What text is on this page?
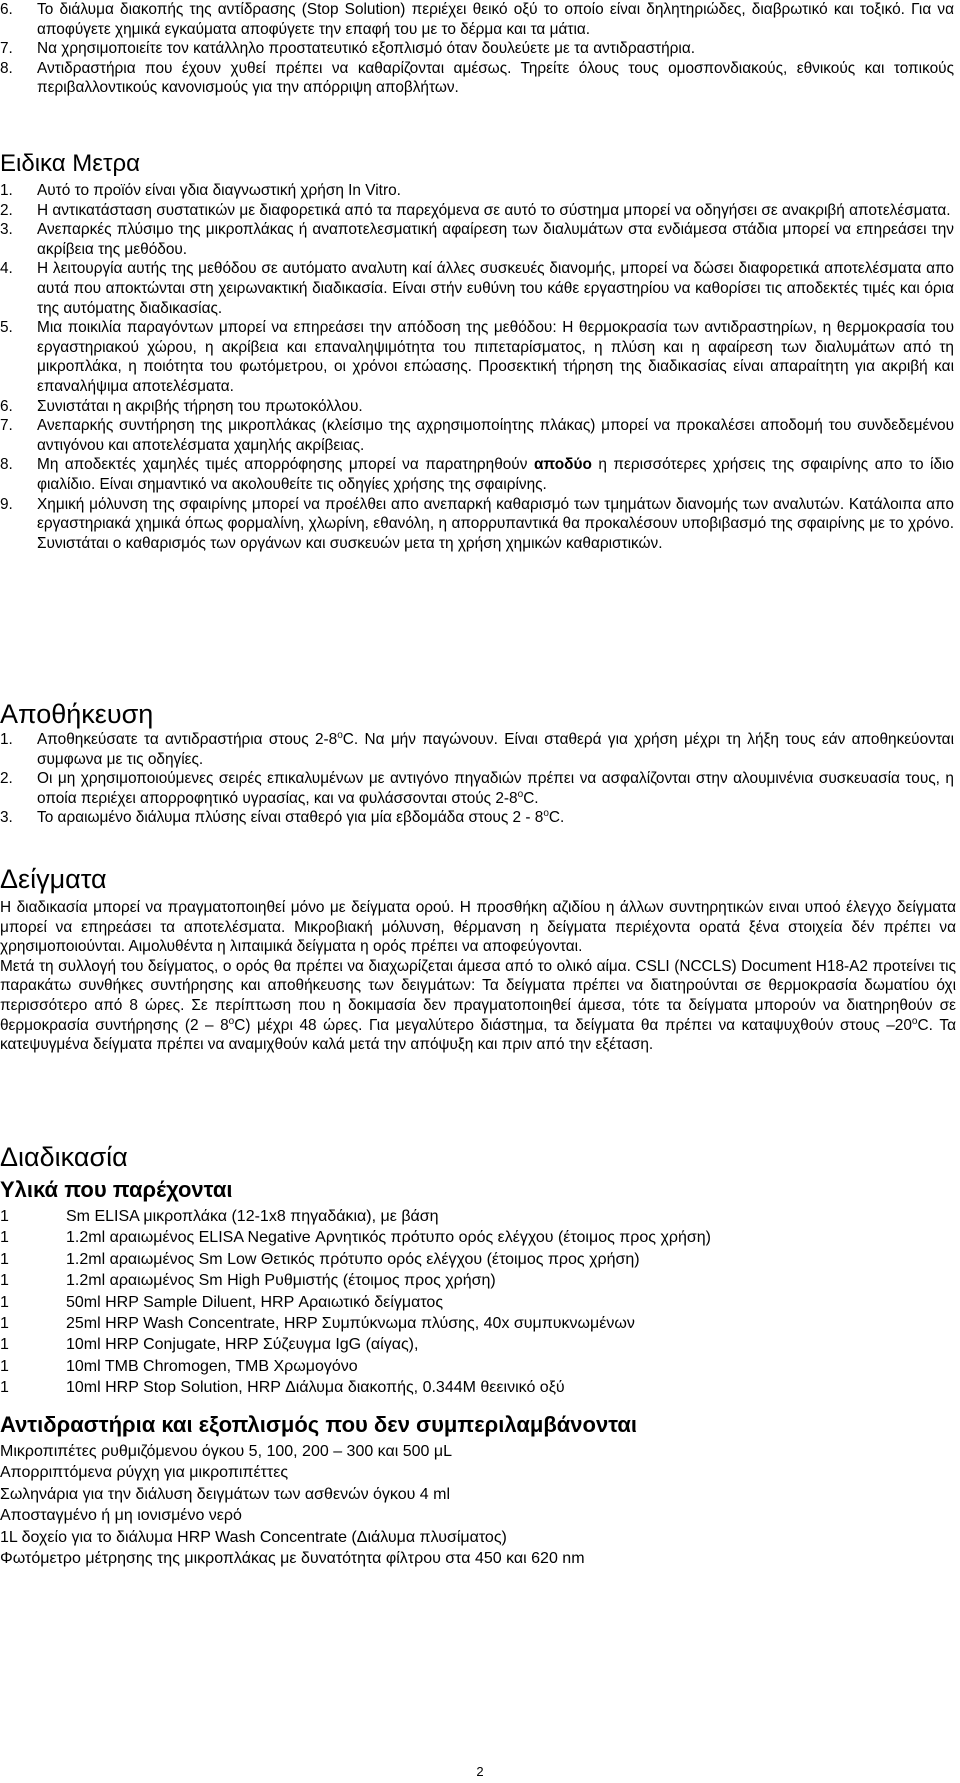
6.	Το διάλυμα διακοπής της αντίδρασης (Stop Solution) περιέχει θεικό οξύ το οποίο είναι δηλητηριώδες, διαβρωτικό και τοξικό. Για να αποφύγετε χημικά εγκαύματα αποφύγετε την επαφή του με το δέρμα και τα μάτια.
7.	Να χρησιμοποιείτε τον κατάλληλο προστατευτικό εξοπλισμό όταν δουλεύετε με τα αντιδραστήρια.
8.	Αντιδραστήρια που έχουν χυθεί πρέπει να καθαρίζονται αμέσως. Τηρείτε όλους τους ομοσπονδιακούς, εθνικούς και τοπικούς περιβαλλοντικούς κανονισμούς για την απόρριψη αποβλήτων.
Ειδικα Μετρα
1.	Αυτό το προϊόν είναι γδια διαγνωστική χρήση In Vitro.
2.	Η αντικατάσταση συστατικών με διαφορετικά από τα παρεχόμενα σε αυτό το σύστημα μπορεί να οδηγήσει σε ανακριβή αποτελέσματα.
3.	Ανεπαρκές πλύσιμο της μικροπλάκας ή αναποτελεσματική αφαίρεση των διαλυμάτων στα ενδιάμεσα στάδια μπορεί να επηρεάσει την ακρίβεια της μεθόδου.
4.	Η λειτουργία αυτής της μεθόδου σε αυτόματο αναλυτη καί άλλες συσκευές διανομής, μπορεί να δώσει διαφορετικά αποτελέσματα απο αυτά που αποκτώνται στη χειρωνακτική διαδικασία. Είναι στήν ευθύνη του κάθε εργαστηρίου να καθορίσει τις αποδεκτές τιμές και όρια της αυτόματης διαδικασίας.
5.	Μια ποικιλία παραγόντων μπορεί να επηρεάσει την απόδοση της μεθόδου: Η θερμοκρασία των αντιδραστηρίων, η θερμοκρασία του εργαστηριακού χώρου, η ακρίβεια και επαναληψιμότητα του πιπεταρίσματος, η πλύση και η αφαίρεση των διαλυμάτων από τη μικροπλάκα, η ποιότητα του φωτόμετρου, οι χρόνοι επώασης. Προσεκτική τήρηση της διαδικασίας είναι απαραίτητη για ακριβή και επαναλήψιμα αποτελέσματα.
6.	Συνιστάται η ακριβής τήρηση του πρωτοκόλλου.
7.	Ανεπαρκής συντήρηση της μικροπλάκας (κλείσιμο της αχρησιμοποίητης πλάκας) μπορεί να προκαλέσει αποδομή του συνδεδεμένου αντιγόνου και αποτελέσματα χαμηλής ακρίβειας.
8.	Μη αποδεκτές χαμηλές τιμές απορρόφησης μπορεί να παρατηρηθούν αποδύο η περισσότερες χρήσεις της σφαιρίνης απο το ίδιο φιαλίδιο. Είναι σημαντικό να ακολουθείτε τις οδηγίες χρήσης της σφαιρίνης.
9.	Χημική μόλυνση της σφαιρίνης μπορεί να προέλθει απο ανεπαρκή καθαρισμό των τμημάτων διανομής των αναλυτών. Κατάλοιπα απο εργαστηριακά χημικά όπως φορμαλίνη, χλωρίνη, εθανόλη, η απορρυπαντικά θα προκαλέσουν υποβιβασμό της σφαιρίνης με το χρόνο. Συνιστάται ο καθαρισμός των οργάνων και συσκευών μετα τη χρήση χημικών καθαριστικών.
Αποθήκευση
1.	Αποθηκεύσατε τα αντιδραστήρια στους 2-8$^o$C. Να μήν παγώνουν. Είναι σταθερά για χρήση μέχρι τη λήξη τους εάν αποθηκεύονται συμφωνα με τις οδηγίες.
2.	Οι μη χρησιμοποιούμενες σειρές επικαλυμένων με αντιγόνο πηγαδιών πρέπει να ασφαλίζονται στην αλουμινένια συσκευασία τους, η οποία περιέχει απορροφητικό υγρασίας, και να φυλάσσονται στούς 2-8$^o$C.
3.	Το αραιωμένο διάλυμα πλύσης είναι σταθερό για μία εβδομάδα στους 2 - 8$^o$C.
Δείγματα

Η διαδικασία μπορεί να πραγματοποιηθεί μόνο με δείγματα ορού. Η προσθήκη αζιδίου η άλλων συντηρητικών ειναι υποό έλεγχο δείγματα μπορεί να επηρεάσει τα αποτελέσματα. Μικροβιακή μόλυνση, θέρμανση η δείγματα περιέχοντα ορατά ξένα στοιχεία δέν πρέπει να χρησιμοποιούνται. Αιμολυθέντα η λιπαιμικά δείγματα η ορός πρέπει να αποφεύγονται.

Μετά τη συλλογή του δείγματος, ο ορός θα πρέπει να διαχωρίζεται άμεσα από το ολικό αίμα. CSLI (NCCLS) Document H18-A2 προτείνει τις παρακάτω συνθήκες συντήρησης και αποθήκευσης των δειγμάτων: Τα δείγματα πρέπει να διατηρούνται σε θερμοκρασία δωματίου όχι περισσότερο από 8 ώρες. Σε περίπτωση που η δοκιμασία δεν πραγματοποιηθεί άμεσα, τότε τα δείγματα μπορούν να διατηρηθούν σε θερμοκρασία συντήρησης (2 – 8$^o$C) μέχρι 48 ώρες. Για μεγαλύτερο διάστημα, τα δείγματα θα πρέπει να καταψυχθούν στους –20$^o$C. Τα κατεψυγμένα δείγματα πρέπει να αναμιχθούν καλά μετά την απόψυξη και πριν από την εξέταση.

Διαδικασία
Υλικά που παρέχονται
1	Sm ELISA μικροπλάκα (12-1x8 πηγαδάκια), με βάση
1	1.2ml αραιωμένος ELISA Negative Αρνητικός πρότυπο ορός ελέγχου (έτοιμος προς χρήση)
1	1.2ml αραιωμένος Sm Low Θετικός πρότυπο ορός ελέγχου (έτοιμος προς χρήση)
1	1.2ml αραιωμένος Sm High Ρυθμιστής (έτοιμος προς χρήση)
1	50ml HRP Sample Diluent, HRP Αραιωτικό δείγματος
1	25ml HRP Wash Concentrate, HRP Συμπύκνωμα πλύσης, 40x συμπυκνωμένων
1	10ml HRP Conjugate, HRP Σύζευγμα IgG (αίγας),
1	10ml TMB Chromogen, TMB Χρωμογόνο
1	10ml HRP Stop Solution, HRP Διάλυμα διακοπής, 0.344M θεεινικό οξύ
Αντιδραστήρια και εξοπλισμός που δεν συμπεριλαμβάνονται
Μικροπιπέτες ρυθμιζόμενου όγκου 5, 100, 200 – 300 και 500 μL
Απορριπτόμενα ρύγχη για μικροπιπέττες
Σωληνάρια για την διάλυση δειγμάτων των ασθενών όγκου 4 ml
Αποσταγμένο ή μη ιονισμένο νερό
1L δοχείο για το διάλυμα HRP Wash Concentrate (Διάλυμα πλυσίματος)
Φωτόμετρο μέτρησης της μικροπλάκας με δυνατότητα φίλτρου στα 450 και 620 nm
2
